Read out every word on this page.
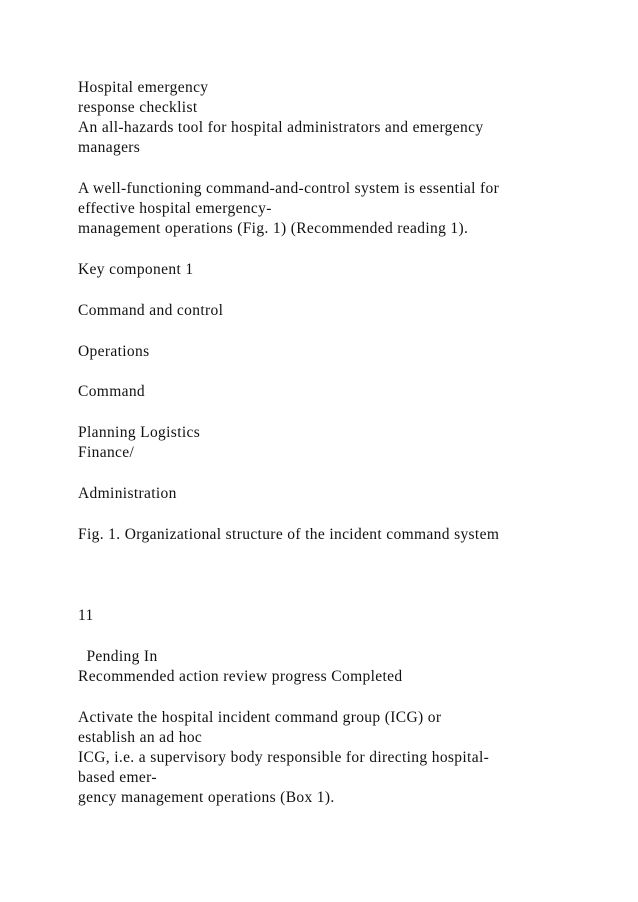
Hospital emergency

response checklist

An all-hazards tool for hospital administrators and emergency

managers

A well-functioning command-and-control system is essential for

effective hospital emergency-

management operations (Fig. 1) (Recommended reading 1).

Key component 1

Command and control

Operations

Command

Planning Logistics

Finance/

Administration

Fig. 1. Organizational structure of the incident command system

11

Pending In

Recommended action review progress Completed

Activate the hospital incident command group (ICG) or

establish an ad hoc

ICG, i.e. a supervisory body responsible for directing hospital-

based emer-

gency management operations (Box 1).
